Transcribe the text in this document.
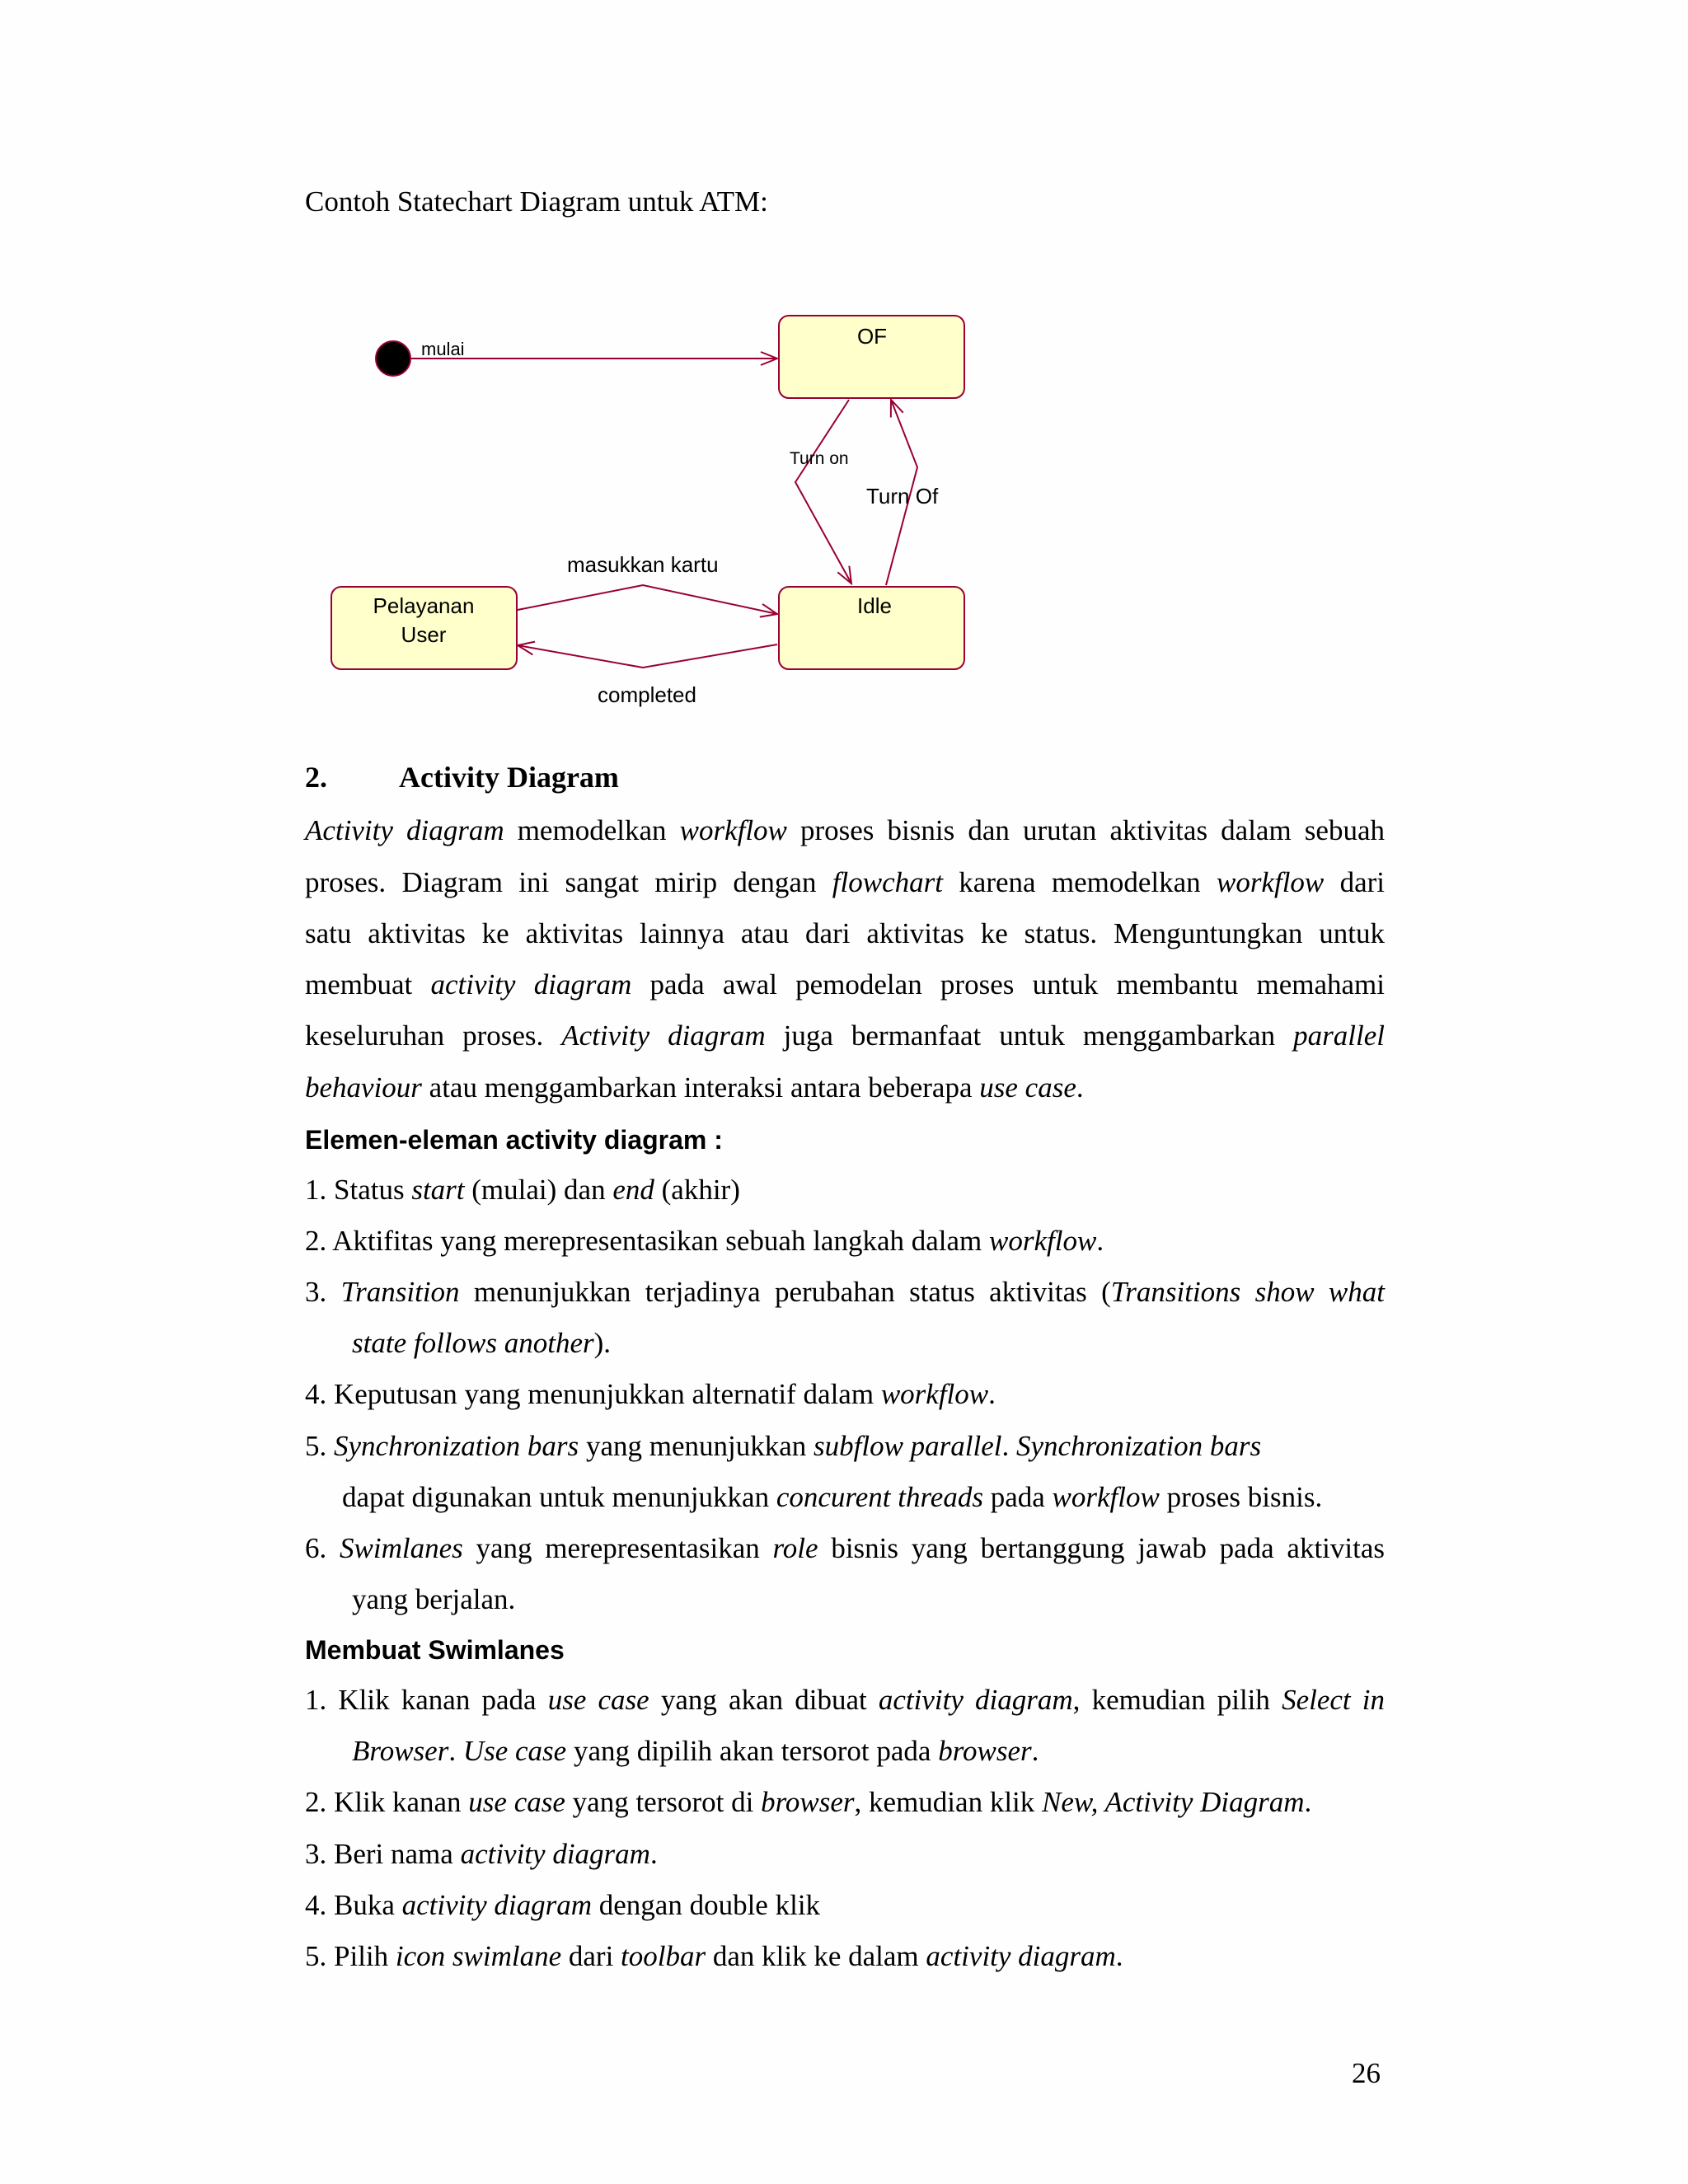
Contoh Statechart Diagram untuk ATM:

OF
Idle
Pelayanan
User
mulai
Turn on
Turn Of
masukkan kartu
completed

2. Activity Diagram

Activity diagram memodelkan workflow proses bisnis dan urutan aktivitas dalam sebuah

proses. Diagram ini sangat mirip dengan flowchart karena memodelkan workflow dari

satu aktivitas ke aktivitas lainnya atau dari aktivitas ke status. Menguntungkan untuk

membuat activity diagram pada awal pemodelan proses untuk membantu memahami

keseluruhan proses. Activity diagram juga bermanfaat untuk menggambarkan parallel

behaviour atau menggambarkan interaksi antara beberapa use case.

Elemen-eleman activity diagram :

1. Status start (mulai) dan end (akhir)

2. Aktifitas yang merepresentasikan sebuah langkah dalam workflow.

3. Transition menunjukkan terjadinya perubahan status aktivitas (Transitions show what

state follows another).

4. Keputusan yang menunjukkan alternatif dalam workflow.

5. Synchronization bars yang menunjukkan subflow parallel. Synchronization bars

dapat digunakan untuk menunjukkan concurent threads pada workflow proses bisnis.

6. Swimlanes yang merepresentasikan role bisnis yang bertanggung jawab pada aktivitas

yang berjalan.

Membuat Swimlanes

1. Klik kanan pada use case yang akan dibuat activity diagram, kemudian pilih Select in

Browser. Use case yang dipilih akan tersorot pada browser.

2. Klik kanan use case yang tersorot di browser, kemudian klik New, Activity Diagram.

3. Beri nama activity diagram.

4. Buka activity diagram dengan double klik

5. Pilih icon swimlane dari toolbar dan klik ke dalam activity diagram.

26
